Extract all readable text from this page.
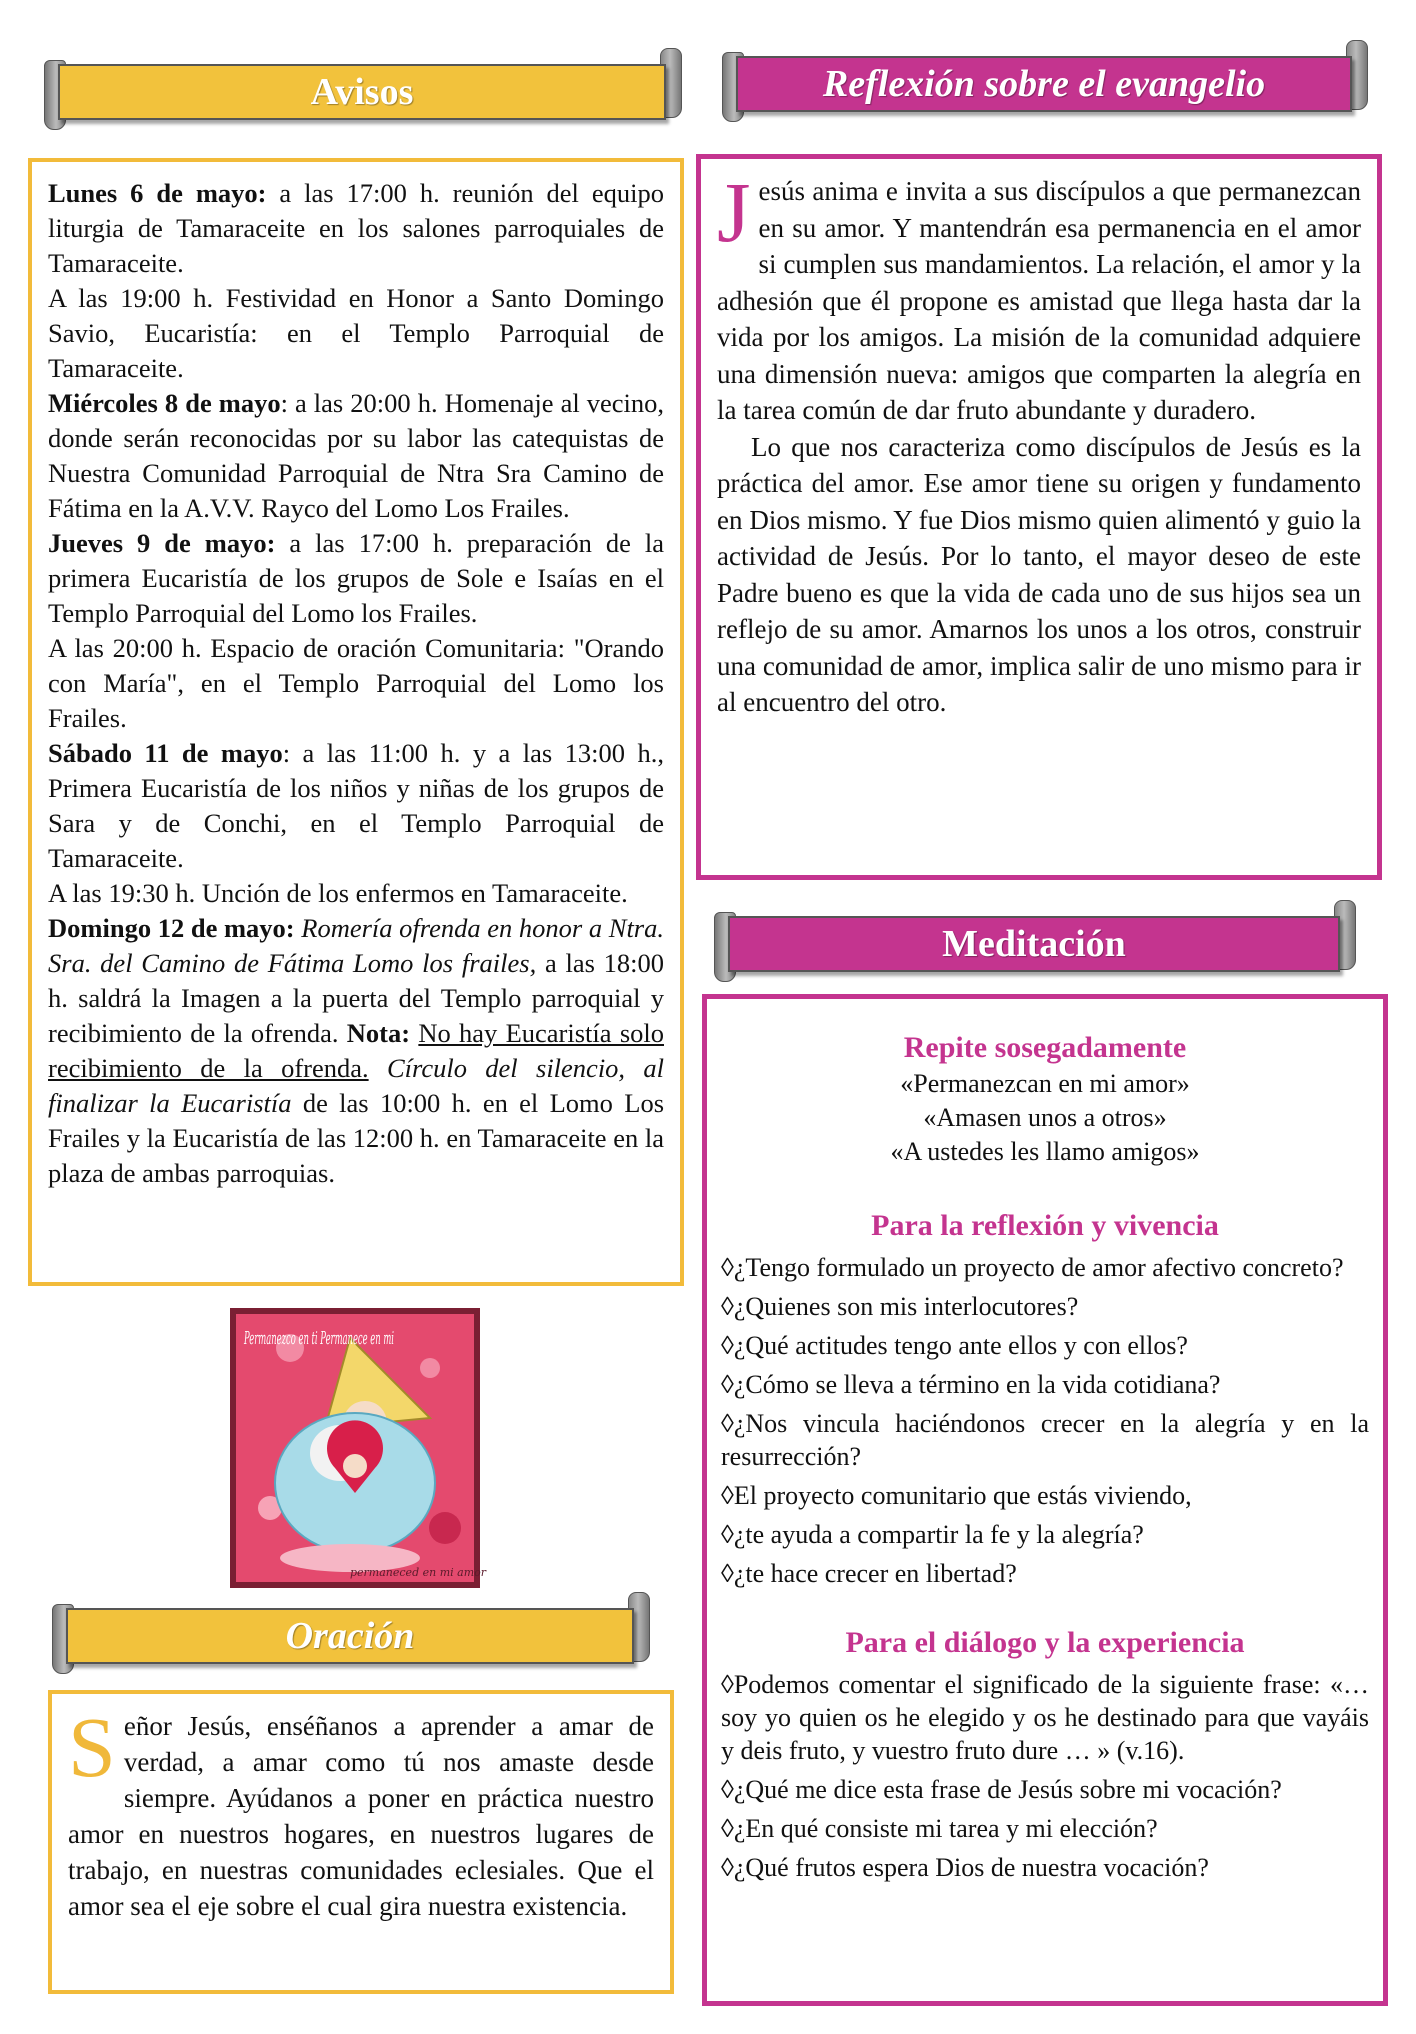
Avisos

Lunes 6 de mayo: a las 17:00 h. reunión del equipo liturgia de Tamaraceite en los salones parroquiales de Tamaraceite.

A las 19:00 h. Festividad en Honor a Santo Domingo Savio, Eucaristía: en el Templo Parroquial de Tamaraceite.

Miércoles 8 de mayo: a las 20:00 h. Homenaje al vecino, donde serán reconocidas por su labor las catequistas de Nuestra Comunidad Parroquial de Ntra Sra Camino de Fátima en la A.V.V. Rayco del Lomo Los Frailes.

Jueves 9 de mayo: a las 17:00 h. preparación de la primera Eucaristía de los grupos de Sole e Isaías en el Templo Parroquial del Lomo los Frailes.

A las 20:00 h. Espacio de oración Comunitaria: "Orando con María", en el Templo Parroquial del Lomo los Frailes.

Sábado 11 de mayo: a las 11:00 h. y a las 13:00 h., Primera Eucaristía de los niños y niñas de los grupos de Sara y de Conchi, en el Templo Parroquial de Tamaraceite.

A las 19:30 h. Unción de los enfermos en Tamaraceite.

Domingo 12 de mayo: Romería ofrenda en honor a Ntra. Sra. del Camino de Fátima Lomo los frailes, a las 18:00 h. saldrá la Imagen a la puerta del Templo parroquial y recibimiento de la ofrenda. Nota: No hay Eucaristía solo recibimiento de la ofrenda. Círculo del silencio, al finalizar la Eucaristía de las 10:00 h. en el Lomo Los Frailes y la Eucaristía de las 12:00 h. en Tamaraceite en la plaza de ambas parroquias.

Permanezco en ti Permanece en mi
permaneced en mi amor
Oración
S eñor Jesús, enséñanos a aprender a amar de verdad, a amar como tú nos amaste desde siempre. Ayúdanos a poner en práctica nuestro amor en nuestros hogares, en nuestros lugares de trabajo, en nuestras comunidades eclesiales. Que el amor sea el eje sobre el cual gira nuestra existencia.
Reflexión sobre el evangelio
J esús anima e invita a sus discípulos a que permanezcan en su amor. Y mantendrán esa permanencia en el amor si cumplen sus mandamientos. La relación, el amor y la adhesión que él propone es amistad que llega hasta dar la vida por los amigos. La misión de la comunidad adquiere una dimensión nueva: amigos que comparten la alegría en la tarea común de dar fruto abundante y duradero.

Lo que nos caracteriza como discípulos de Jesús es la práctica del amor. Ese amor tiene su origen y fundamento en Dios mismo. Y fue Dios mismo quien alimentó y guio la actividad de Jesús. Por lo tanto, el mayor deseo de este Padre bueno es que la vida de cada uno de sus hijos sea un reflejo de su amor. Amarnos los unos a los otros, construir una comunidad de amor, implica salir de uno mismo para ir al encuentro del otro.

Meditación
Repite sosegadamente
«Permanezcan en mi amor»
«Amasen unos a otros»
«A ustedes les llamo amigos»
Para la reflexión y vivencia
◊¿Tengo formulado un proyecto de amor afectivo concreto?
◊¿Quienes son mis interlocutores?
◊¿Qué actitudes tengo ante ellos y con ellos?
◊¿Cómo se lleva a término en la vida cotidiana?
◊¿Nos vincula haciéndonos crecer en la alegría y en la resurrección?
◊El proyecto comunitario que estás viviendo,
◊¿te ayuda a compartir la fe y la alegría?
◊¿te hace crecer en libertad?
Para el diálogo y la experiencia
◊Podemos comentar el significado de la siguiente frase: «… soy yo quien os he elegido y os he destinado para que vayáis y deis fruto, y vuestro fruto dure … » (v.16).
◊¿Qué me dice esta frase de Jesús sobre mi vocación?
◊¿En qué consiste mi tarea y mi elección?
◊¿Qué frutos espera Dios de nuestra vocación?
